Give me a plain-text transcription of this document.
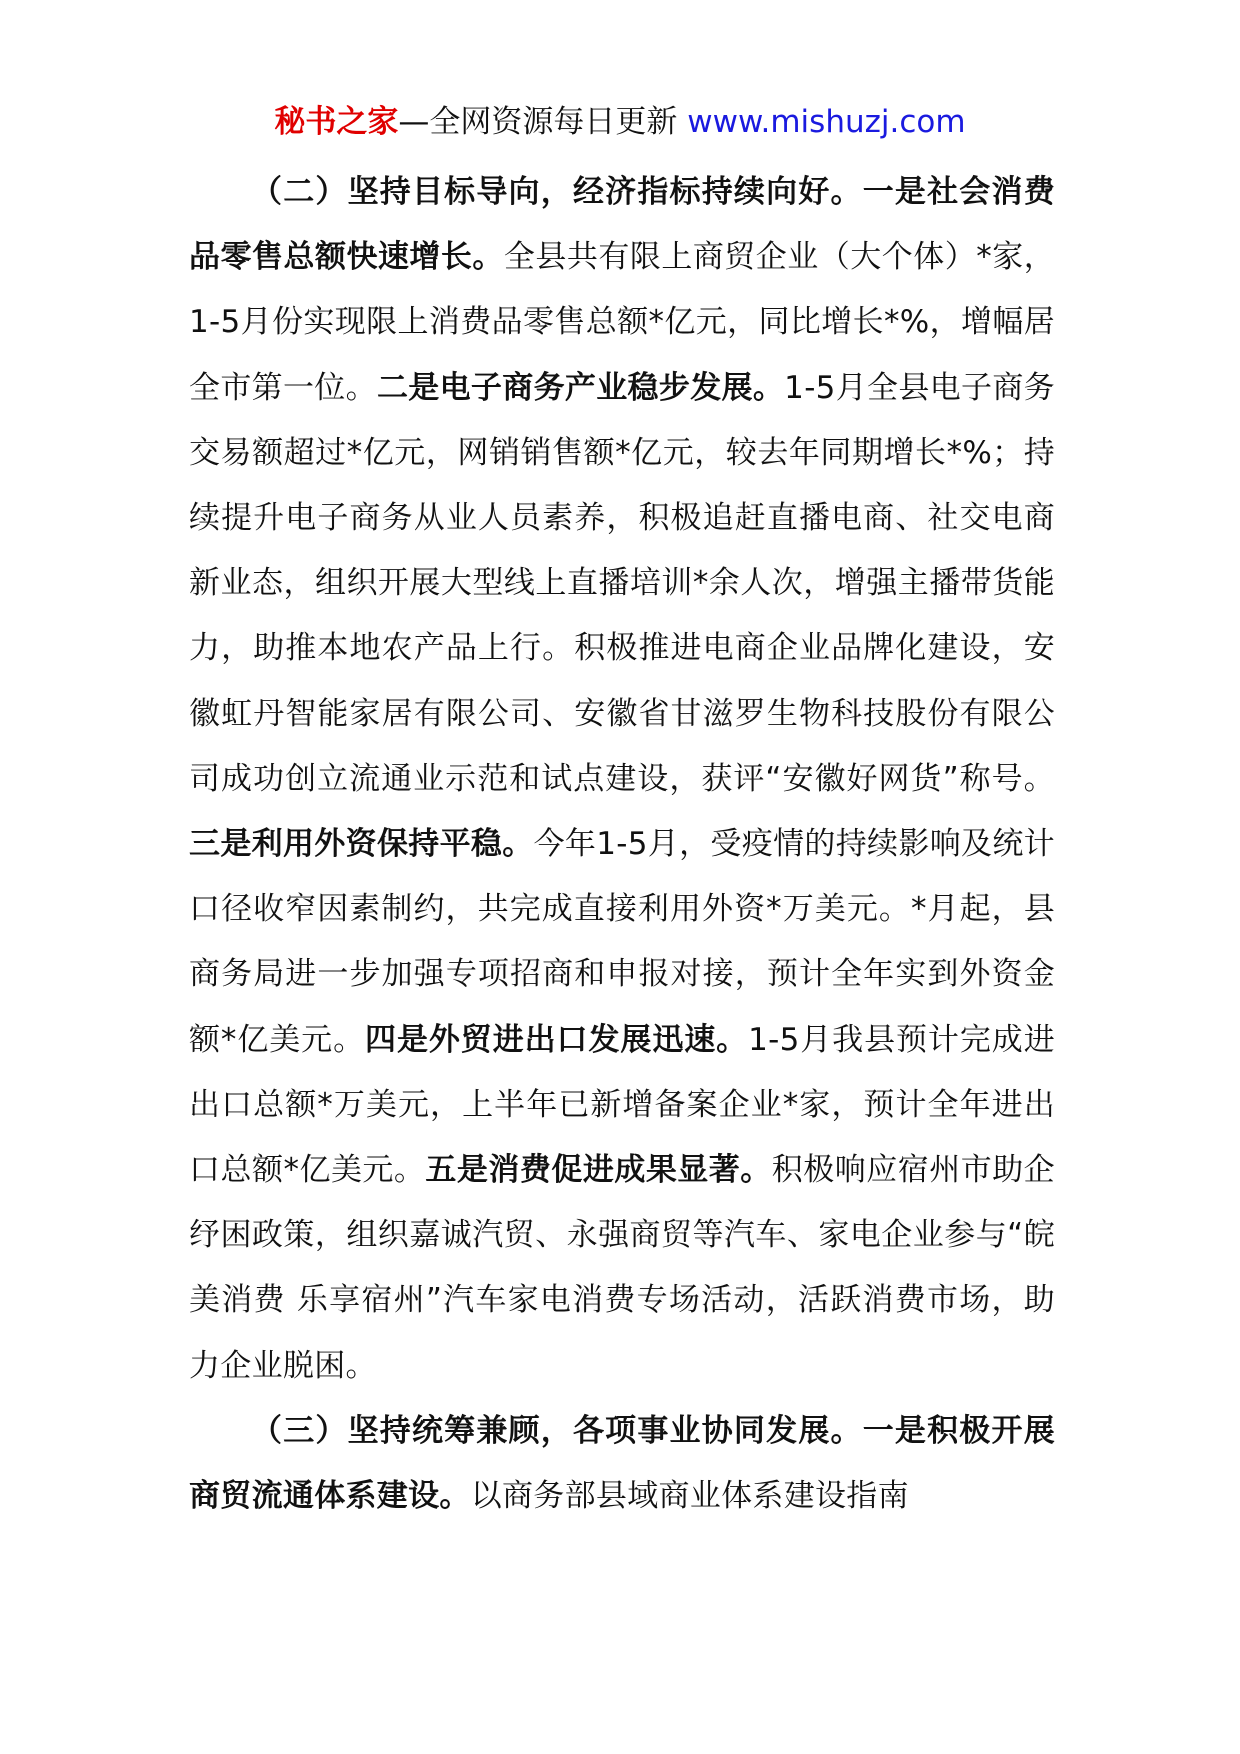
秘书之家—全网资源每日更新 www.mishuzj.com

（二）坚持目标导向，经济指标持续向好。一是社会消费品零售总额快速增长。全县共有限上商贸企业（大个体）*家，1-5月份实现限上消费品零售总额*亿元，同比增长*%，增幅居全市第一位。二是电子商务产业稳步发展。1-5月全县电子商务交易额超过*亿元，网销销售额*亿元，较去年同期增长*%；持续提升电子商务从业人员素养，积极追赶直播电商、社交电商新业态，组织开展大型线上直播培训*余人次，增强主播带货能力，助推本地农产品上行。积极推进电商企业品牌化建设，安徽虹丹智能家居有限公司、安徽省甘滋罗生物科技股份有限公司成功创立流通业示范和试点建设，获评“安徽好网货”称号。三是利用外资保持平稳。今年1-5月，受疫情的持续影响及统计口径收窄因素制约，共完成直接利用外资*万美元。*月起，县商务局进一步加强专项招商和申报对接，预计全年实到外资金额*亿美元。四是外贸进出口发展迅速。1-5月我县预计完成进出口总额*万美元，上半年已新增备案企业*家，预计全年进出口总额*亿美元。五是消费促进成果显著。积极响应宿州市助企纾困政策，组织嘉诚汽贸、永强商贸等汽车、家电企业参与“皖美消费 乐享宿州”汽车家电消费专场活动，活跃消费市场，助力企业脱困。

（三）坚持统筹兼顾，各项事业协同发展。一是积极开展商贸流通体系建设。以商务部县域商业体系建设指南
